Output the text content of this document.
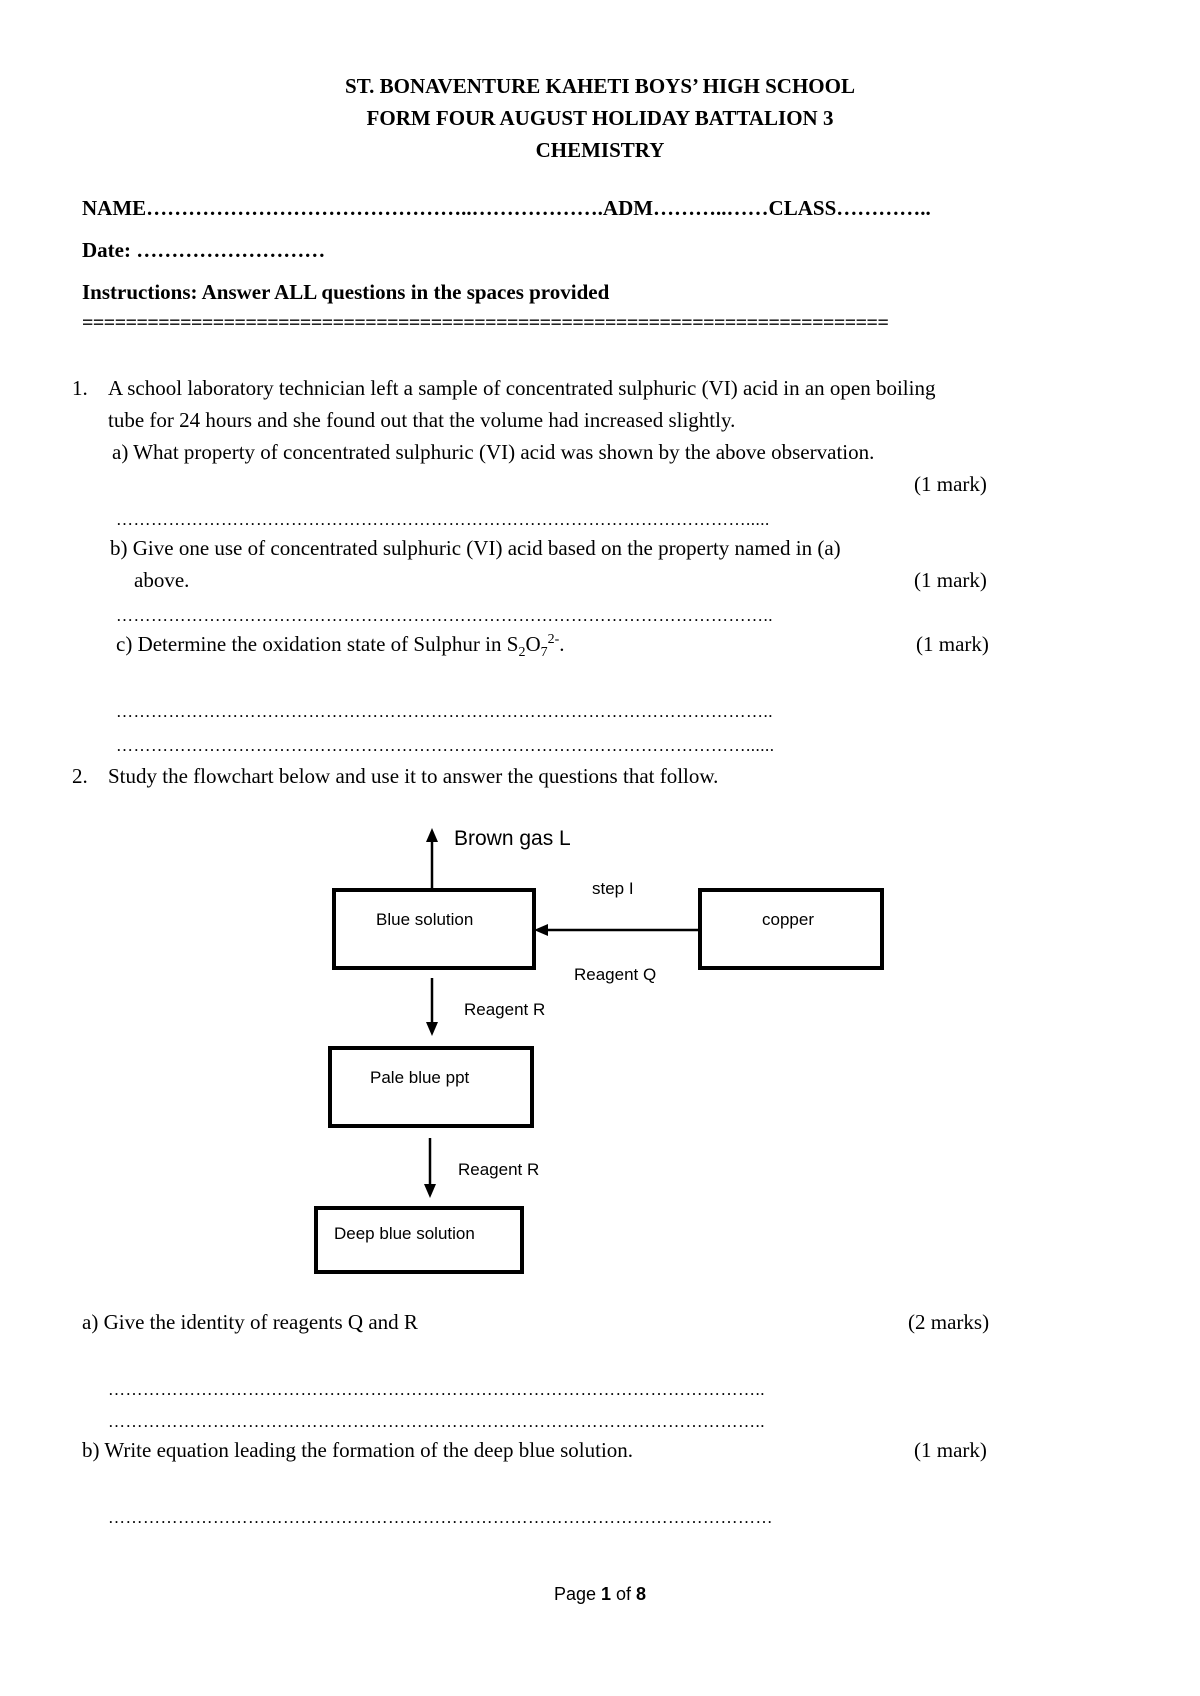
ST. BONAVENTURE KAHETI BOYS’ HIGH SCHOOL
FORM FOUR AUGUST HOLIDAY BATTALION 3
CHEMISTRY
NAME………………………………………..……………….ADM………..……CLASS…………..
Date: ………………………
Instructions: Answer ALL questions in the spaces provided
==========================================================================
1. A school laboratory technician left a sample of concentrated sulphuric (VI) acid in an open boiling
tube for 24 hours and she found out that the volume had increased slightly.
a) What property of concentrated sulphuric (VI) acid was shown by the above observation.
(1 mark)
……………………………………………………………………………………………….....
b) Give one use of concentrated sulphuric (VI) acid based on the property named in (a)
above.	(1 mark)
…………………………………………………………………………………………………..
c) Determine the oxidation state of Sulphur in $S_2O_7^{2-}$.	(1 mark)
…………………………………………………………………………………………………..
………………………………………………………………………………………………......
2. Study the flowchart below and use it to answer the questions that follow.
Brown gas L
Blue solution
step I
copper
Reagent Q
Reagent R
Pale blue ppt
Reagent R
Deep blue solution
a) Give the identity of reagents Q and R	(2 marks)
…………………………………………………………………………………………………..
…………………………………………………………………………………………………..
b) Write equation leading the formation of the deep blue solution.	(1 mark)
……………………………………………………………………………………………………
Page 1 of 8
